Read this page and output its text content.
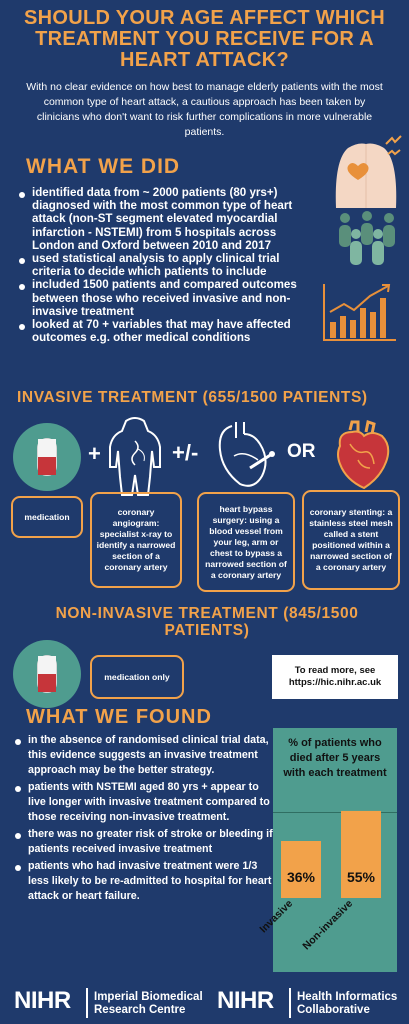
SHOULD YOUR AGE AFFECT WHICH TREATMENT YOU RECEIVE FOR A HEART ATTACK?
With no clear evidence on how best to manage elderly patients with the most common type of heart attack, a cautious approach has been taken by clinicians who don't want to risk further complications in more vulnerable patients.
WHAT WE DID
identified data from ~ 2000 patients (80 yrs+) diagnosed with the most common type of heart attack (non-ST segment elevated myocardial infarction - NSTEMI) from 5 hospitals across London and Oxford between 2010 and 2017
used statistical analysis to apply clinical trial criteria to decide which patients to include
included 1500 patients and compared outcomes between those who received invasive and non-invasive treatment
looked at 70 + variables that may have affected outcomes e.g. other medical conditions
INVASIVE TREATMENT (655/1500 PATIENTS)
+	+/-	OR
medication	coronary angiogram: specialist x-ray to identify a narrowed section of a coronary artery
heart bypass surgery: using a blood vessel from your leg, arm or chest to bypass a narrowed section of a coronary artery
coronary stenting: a stainless steel mesh called a stent positioned within a narrowed section of a coronary artery
NON-INVASIVE TREATMENT (845/1500 PATIENTS)
medication only
To read more, see https://hic.nihr.ac.uk
WHAT WE FOUND
in the absence of randomised clinical trial data, this evidence suggests an invasive treatment approach may be the better strategy.
patients with NSTEMI aged 80 yrs + appear to live longer with invasive treatment compared to those receiving non-invasive treatment.
there was no greater risk of stroke or bleeding if patients received invasive treatment
patients who had invasive treatment were 1/3 less likely to be re-admitted to hospital for heart attack or heart failure.
% of patients who died after 5 years with each treatment
36%
Invasive
55%
Non-invasive
NIHR Imperial Biomedical Research Centre	NIHR Health Informatics Collaborative
